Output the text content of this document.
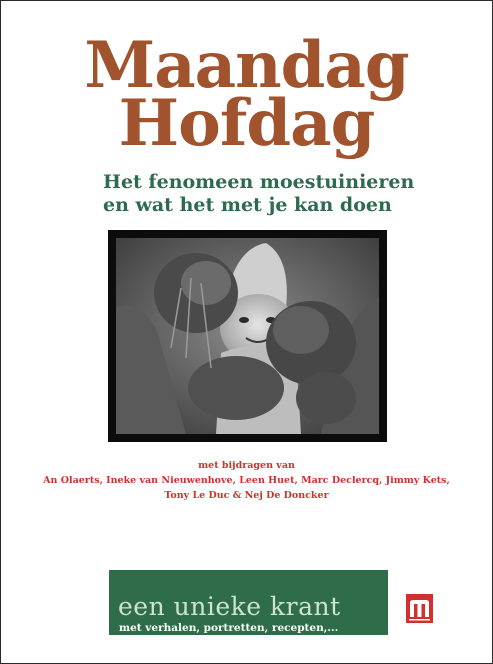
Maandag
Hofdag
Het fenomeen moestuinieren
en wat het met je kan doen
met bijdragen van
An Olaerts, Ineke van Nieuwenhove, Leen Huet, Marc Declercq, Jimmy Kets,
Tony Le Duc & Nej De Doncker
een unieke krant
met verhalen, portretten, recepten,...
